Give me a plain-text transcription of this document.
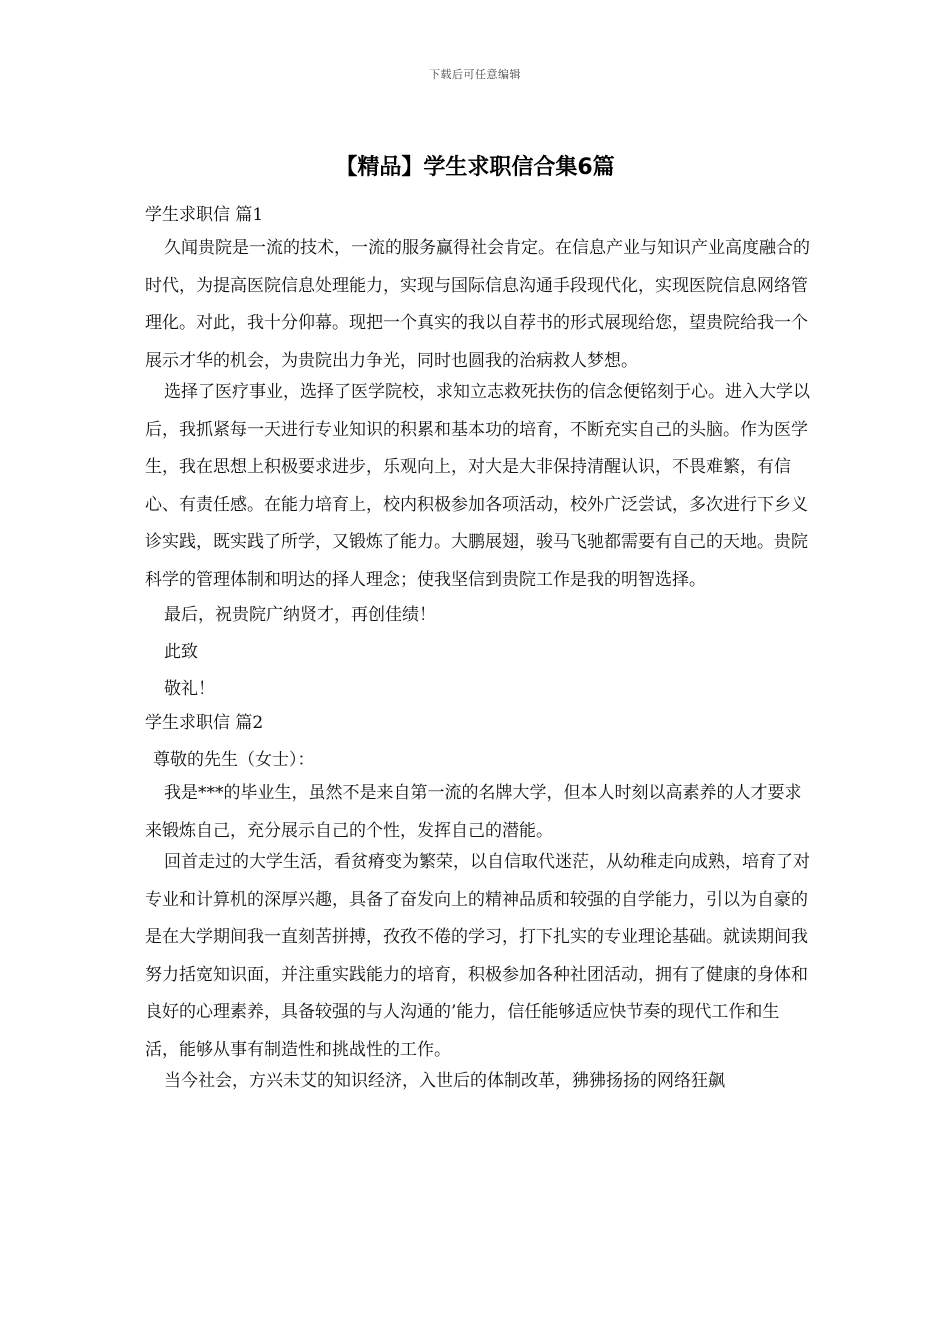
下载后可任意编辑
【精品】学生求职信合集6篇

学生求职信 篇1

久闻贵院是一流的技术，一流的服务赢得社会肯定。在信息产业与知识产业高度融合的时代，为提高医院信息处理能力，实现与国际信息沟通手段现代化，实现医院信息网络管理化。对此，我十分仰幕。现把一个真实的我以自荐书的形式展现给您，望贵院给我一个展示才华的机会，为贵院出力争光，同时也圆我的治病救人梦想。

选择了医疗事业，选择了医学院校，求知立志救死扶伤的信念便铭刻于心。进入大学以后，我抓紧每一天进行专业知识的积累和基本功的培育，不断充实自己的头脑。作为医学生，我在思想上积极要求进步，乐观向上，对大是大非保持清醒认识，不畏难繁，有信心、有责任感。在能力培育上，校内积极参加各项活动，校外广泛尝试，多次进行下乡义诊实践，既实践了所学，又锻炼了能力。大鹏展翅，骏马飞驰都需要有自己的天地。贵院科学的管理体制和明达的择人理念；使我坚信到贵院工作是我的明智选择。

最后，祝贵院广纳贤才，再创佳绩！

此致

敬礼！

学生求职信 篇2

尊敬的先生（女士）：

我是***的毕业生，虽然不是来自第一流的名牌大学，但本人时刻以高素养的人才要求来锻炼自己，充分展示自己的个性，发挥自己的潜能。

回首走过的大学生活，看贫瘠变为繁荣，以自信取代迷茫，从幼稚走向成熟，培育了对专业和计算机的深厚兴趣，具备了奋发向上的精神品质和较强的自学能力，引以为自豪的是在大学期间我一直刻苦拼搏，孜孜不倦的学习，打下扎实的专业理论基础。就读期间我努力括宽知识面，并注重实践能力的培育，积极参加各种社团活动，拥有了健康的身体和良好的心理素养，具备较强的与人沟通的’能力，信任能够适应快节奏的现代工作和生活，能够从事有制造性和挑战性的工作。

当今社会，方兴未艾的知识经济，入世后的体制改革，狒狒扬扬的网络狂飙
